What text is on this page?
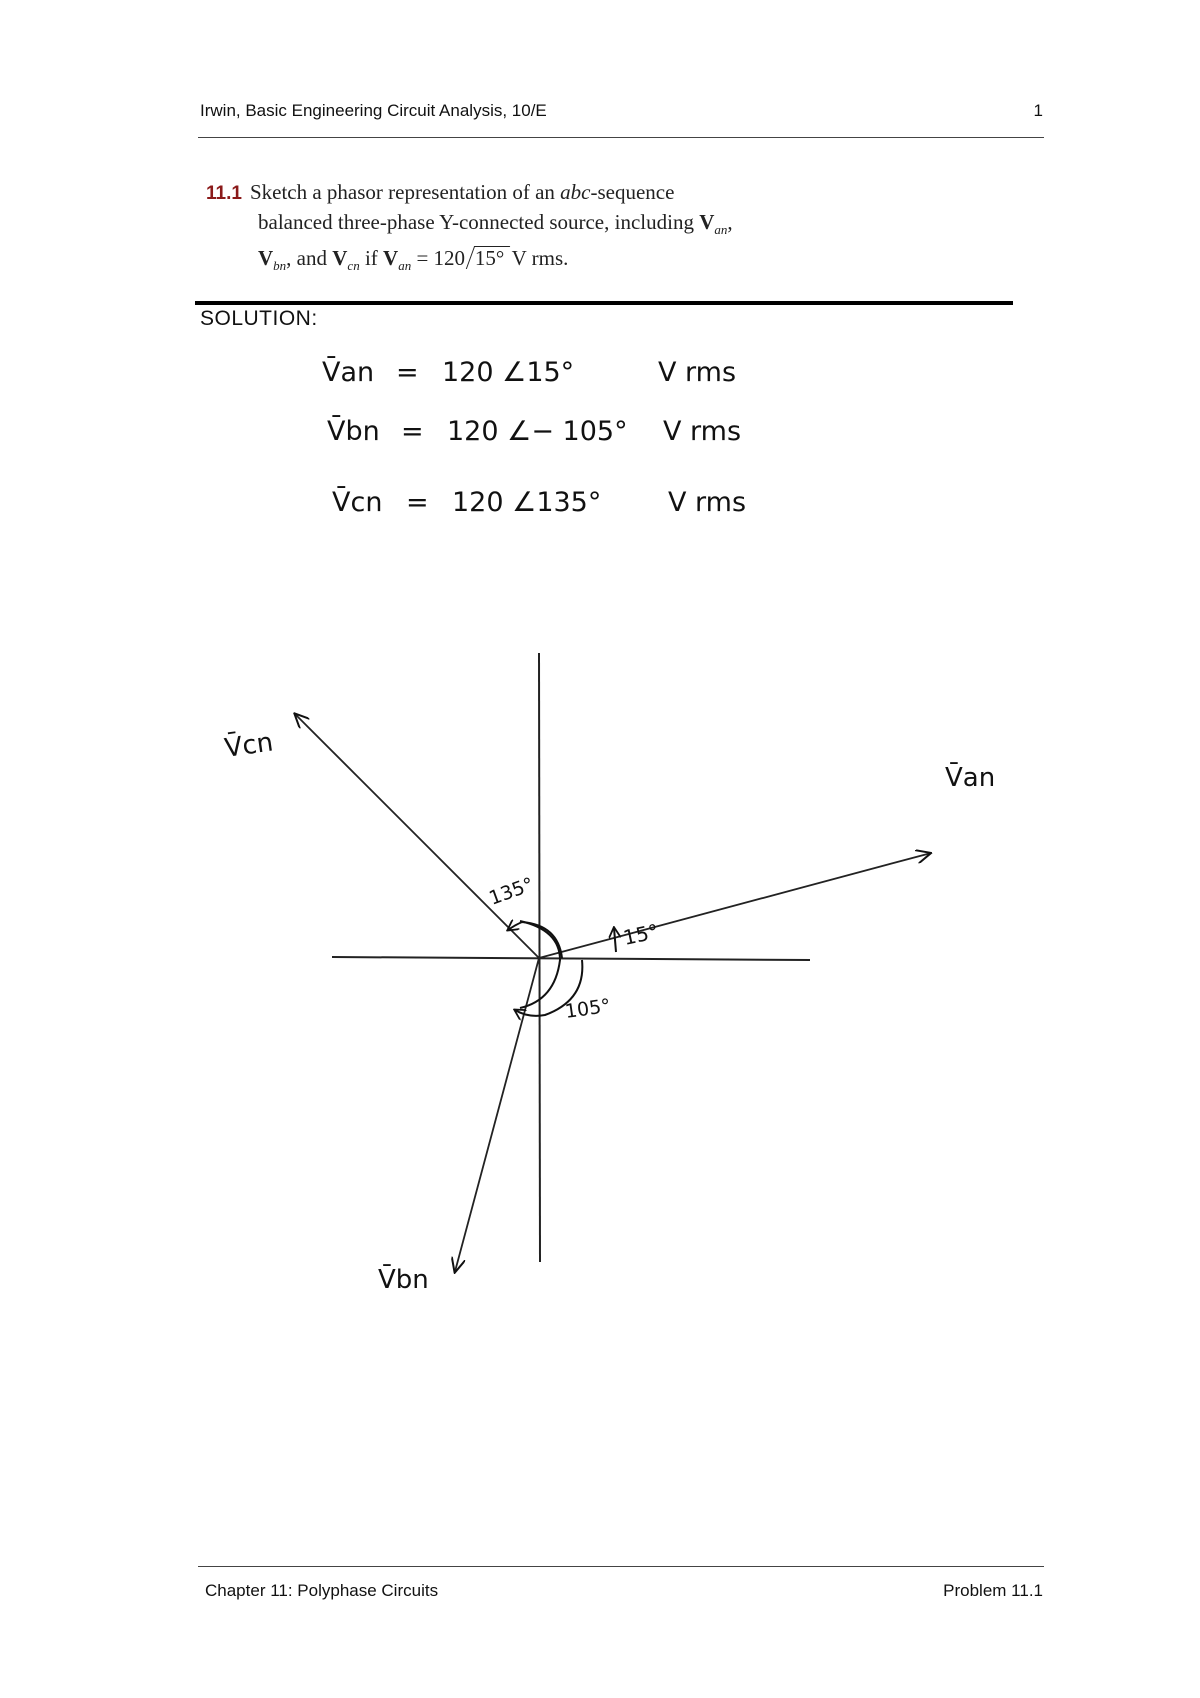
Irwin, Basic Engineering Circuit Analysis, 10/E	1
11.1 Sketch a phasor representation of an abc-sequence
balanced three-phase Y-connected source, including $V_{an}$,
$V_{bn}$, and $V_{cn}$ if $V_{an} = 120$ 15° V rms.
SOLUTION:
V̄an = 120 ∠15°	V rms
V̄bn = 120 ∠− 105° V rms
V̄cn = 120 ∠135° V rms
V̄an
V̄bn
V̄cn
135°
15°
105°
Chapter 11: Polyphase Circuits	Problem 11.1
